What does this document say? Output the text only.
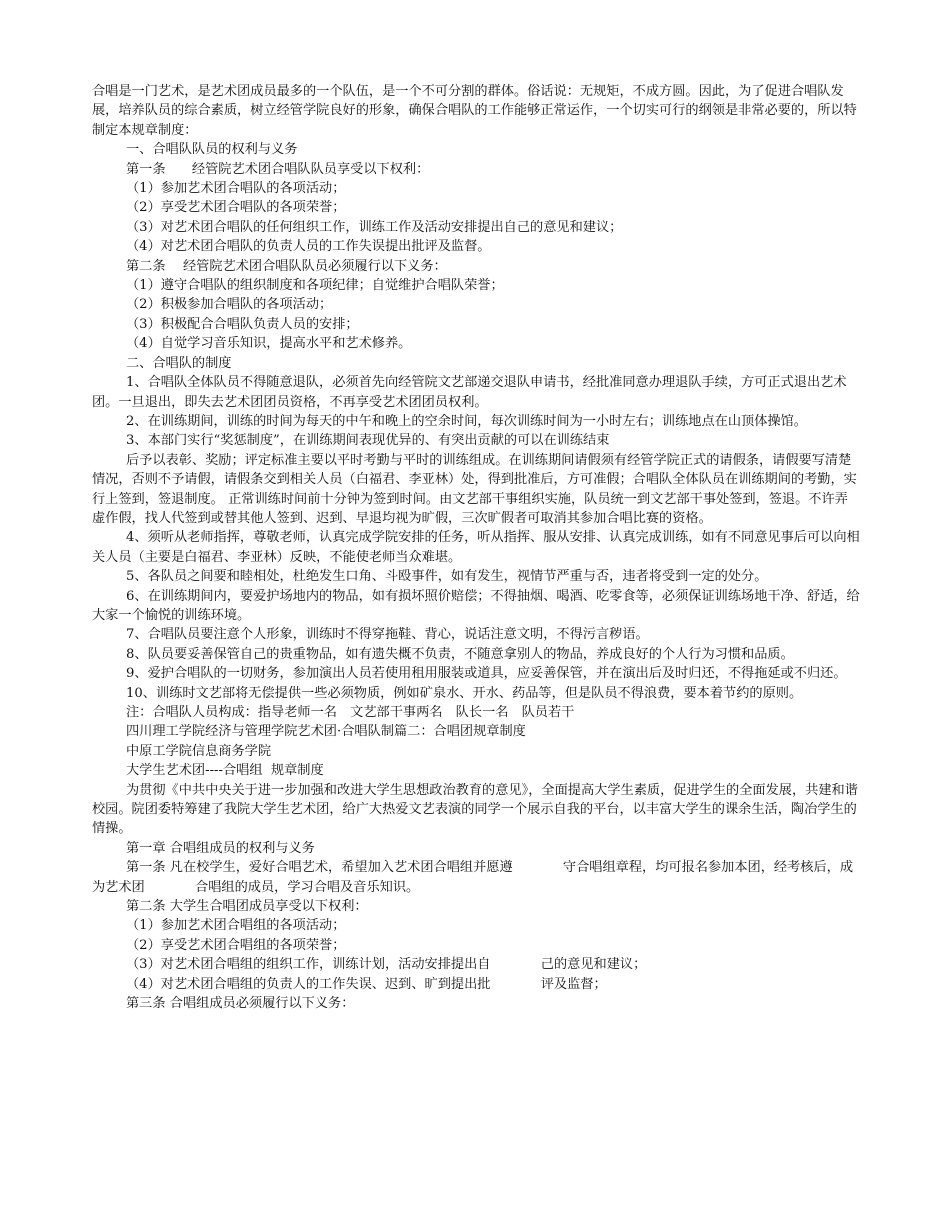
合唱是一门艺术，是艺术团成员最多的一个队伍，是一个不可分割的群体。俗话说：无规矩，不成方圆。因此，为了促进合唱队发展，培养队员的综合素质，树立经管学院良好的形象，确保合唱队的工作能够正常运作，一个切实可行的纲领是非常必要的，所以特制定本规章制度：

一、合唱队队员的权利与义务

第一条　　经管院艺术团合唱队队员享受以下权利：

（1）参加艺术团合唱队的各项活动；

（2）享受艺术团合唱队的各项荣誉；

（3）对艺术团合唱队的任何组织工作，训练工作及活动安排提出自己的意见和建议；

（4）对艺术团合唱队的负责人员的工作失误提出批评及监督。

第二条　 经管院艺术团合唱队队员必须履行以下义务：

（1）遵守合唱队的组织制度和各项纪律；自觉维护合唱队荣誉；

（2）积极参加合唱队的各项活动；

（3）积极配合合唱队负责人员的安排；

（4）自觉学习音乐知识，提高水平和艺术修养。

二、合唱队的制度

1、合唱队全体队员不得随意退队，必须首先向经管院文艺部递交退队申请书，经批准同意办理退队手续，方可正式退出艺术团。一旦退出，即失去艺术团团员资格，不再享受艺术团团员权利。

2、在训练期间，训练的时间为每天的中午和晚上的空余时间，每次训练时间为一小时左右；训练地点在山顶体操馆。

3、本部门实行“奖惩制度”，在训练期间表现优异的、有突出贡献的可以在训练结束

后予以表彰、奖励；评定标准主要以平时考勤与平时的训练组成。在训练期间请假须有经管学院正式的请假条，请假要写清楚情况，否则不予请假，请假条交到相关人员（白福君、李亚林）处，得到批准后，方可准假；合唱队全体队员在训练期间的考勤，实行上签到，签退制度。 正常训练时间前十分钟为签到时间。由文艺部干事组织实施，队员统一到文艺部干事处签到，签退。不许弄虚作假，找人代签到或替其他人签到、迟到、早退均视为旷假，三次旷假者可取消其参加合唱比赛的资格。

4、须听从老师指挥，尊敬老师，认真完成学院安排的任务，听从指挥、服从安排、认真完成训练，如有不同意见事后可以向相关人员（主要是白福君、李亚林）反映，不能使老师当众难堪。

5、各队员之间要和睦相处，杜绝发生口角、斗殴事件，如有发生，视情节严重与否，违者将受到一定的处分。

6、在训练期间内，要爱护场地内的物品，如有损坏照价赔偿；不得抽烟、喝酒、吃零食等，必须保证训练场地干净、舒适，给大家一个愉悦的训练环境。

7、合唱队员要注意个人形象，训练时不得穿拖鞋、背心，说话注意文明，不得污言秽语。

8、队员要妥善保管自己的贵重物品，如有遗失概不负责，不随意拿别人的物品，养成良好的个人行为习惯和品质。

9、爱护合唱队的一切财务，参加演出人员若使用租用服装或道具，应妥善保管，并在演出后及时归还，不得拖延或不归还。

10、训练时文艺部将无偿提供一些必须物质，例如矿泉水、开水、药品等，但是队员不得浪费，要本着节约的原则。

注：合唱队人员构成：指导老师一名　文艺部干事两名　队长一名　队员若干

四川理工学院经济与管理学院艺术团·合唱队制篇二：合唱团规章制度

中原工学院信息商务学院

大学生艺术团----合唱组  规章制度

为贯彻《中共中央关于进一步加强和改进大学生思想政治教育的意见》，全面提高大学生素质，促进学生的全面发展，共建和谐校园。院团委特筹建了我院大学生艺术团，给广大热爱文艺表演的同学一个展示自我的平台，以丰富大学生的课余生活，陶冶学生的情操。

第一章 合唱组成员的权利与义务

第一条 凡在校学生，爱好合唱艺术，希望加入艺术团合唱组并愿遵            守合唱组章程，均可报名参加本团，经考核后，成为艺术团            合唱组的成员，学习合唱及音乐知识。

第二条 大学生合唱团成员享受以下权利：

（1）参加艺术团合唱组的各项活动；

（2）享受艺术团合唱组的各项荣誉；

（3）对艺术团合唱组的组织工作，训练计划，活动安排提出自            己的意见和建议；

（4）对艺术团合唱组的负责人的工作失误、迟到、旷到提出批            评及监督；

第三条 合唱组成员必须履行以下义务：
